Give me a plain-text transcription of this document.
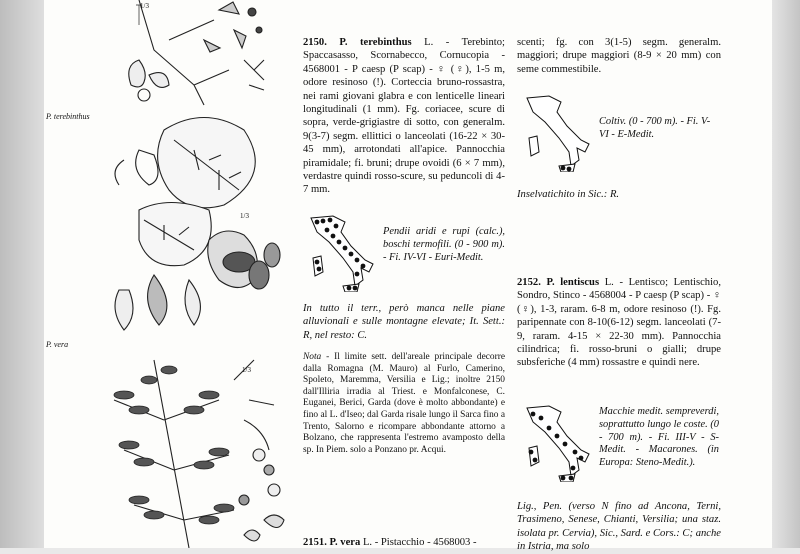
P. terebinthus
P. vera
1/3
1/3
1/3
2150. P. terebinthus L. - Terebinto; Spaccasasso, Scornabecco, Cornucopia - 4568001 - P caesp (P scap) - ♀ (♀), 1-5 m, odore resinoso (!). Corteccia bruno-rossastra, nei rami giovani glabra e con lenticelle lineari longitudinali (1 mm). Fg. coriacee, scure di sopra, verde-grigiastre di sotto, con generalm. 9(3-7) segm. ellittici o lanceolati (16-22 × 30-45 mm), arrotondati all'apice. Pannocchia piramidale; fi. bruni; drupe ovoidi (6 × 7 mm), verdastre quindi rosso-scure, su peduncoli di 4-7 mm.
Pendii aridi e rupi (calc.), boschi termofili. (0 - 900 m). - Fi. IV-VI - Euri-Medit.
In tutto il terr., però manca nelle piane alluvionali e sulle montagne elevate; It. Sett.: R, nel resto: C.
Nota - Il limite sett. dell'areale principale decorre dalla Romagna (M. Mauro) al Furlo, Camerino, Spoleto, Maremma, Versilia e Lig.; inoltre 2150 dall'Illiria irradia al Triest. e Monfalconese, C. Euganei, Berici, Garda (dove è molto abbondante) e fino al L. d'Iseo; dal Garda risale lungo il Sarca fino a Trento, Salorno e ricompare abbondante attorno a Bolzano, che rappresenta l'estremo avamposto della sp. In Piem. solo a Ponzano pr. Acqui.
2151. P. vera L. - Pistacchio - 4568003 -
scenti; fg. con 3(1-5) segm. generalm. maggiori; drupe maggiori (8-9 × 20 mm) con seme commestibile.
Coltiv. (0 - 700 m). - Fi. V-VI - E-Medit.
Inselvatichito in Sic.: R.
2152. P. lentiscus L. - Lentisco; Lentischio, Sondro, Stinco - 4568004 - P caesp (P scap) - ♀ (♀), 1-3, raram. 6-8 m, odore resinoso (!). Fg. paripennate con 8-10(6-12) segm. lanceolati (7-9, raram. 4-15 × 22-30 mm). Pannocchia cilindrica; fi. rosso-bruni o gialli; drupe subsferiche (4 mm) rossastre e quindi nere.
Macchie medit. sempreverdi, soprattutto lungo le coste. (0 - 700 m). - Fi. III-V - S-Medit. - Macarones. (in Europa: Steno-Medit.).
Lig., Pen. (verso N fino ad Ancona, Terni, Trasimeno, Senese, Chianti, Versilia; una staz. isolata pr. Cervia), Sic., Sard. e Cors.: C; anche in Istria, ma solo
